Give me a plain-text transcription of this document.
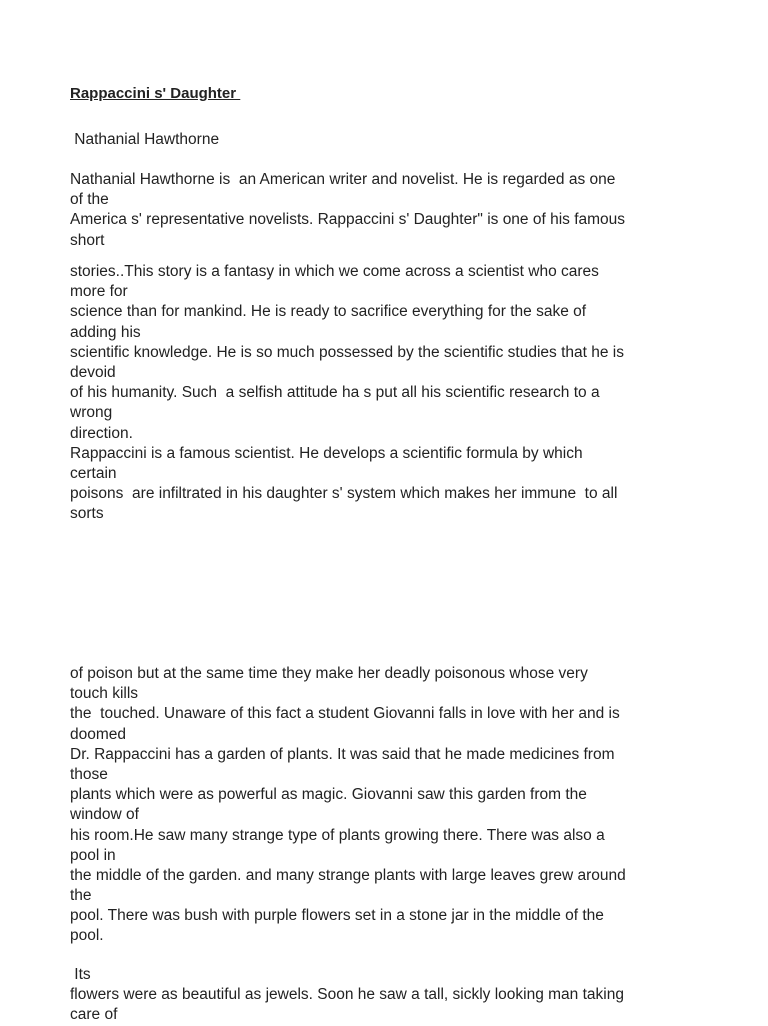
Rappaccini s' Daughter

Nathanial Hawthorne

Nathanial Hawthorne is  an American writer and novelist. He is regarded as one
of the
America s' representative novelists. Rappaccini s' Daughter" is one of his famous
short
stories..This story is a fantasy in which we come across a scientist who cares
more for
science than for mankind. He is ready to sacrifice everything for the sake of
adding his
scientific knowledge. He is so much possessed by the scientific studies that he is
devoid
of his humanity. Such  a selfish attitude ha s put all his scientific research to a
wrong
direction.
Rappaccini is a famous scientist. He develops a scientific formula by which
certain
poisons  are infiltrated in his daughter s' system which makes her immune  to all
sorts
of poison but at the same time they make her deadly poisonous whose very
touch kills
the  touched. Unaware of this fact a student Giovanni falls in love with her and is
doomed
Dr. Rappaccini has a garden of plants. It was said that he made medicines from
those
plants which were as powerful as magic. Giovanni saw this garden from the
window of
his room.He saw many strange type of plants growing there. There was also a
pool in
the middle of the garden. and many strange plants with large leaves grew around
the
pool. There was bush with purple flowers set in a stone jar in the middle of the
pool.
Its
flowers were as beautiful as jewels. Soon he saw a tall, sickly looking man taking
care of
